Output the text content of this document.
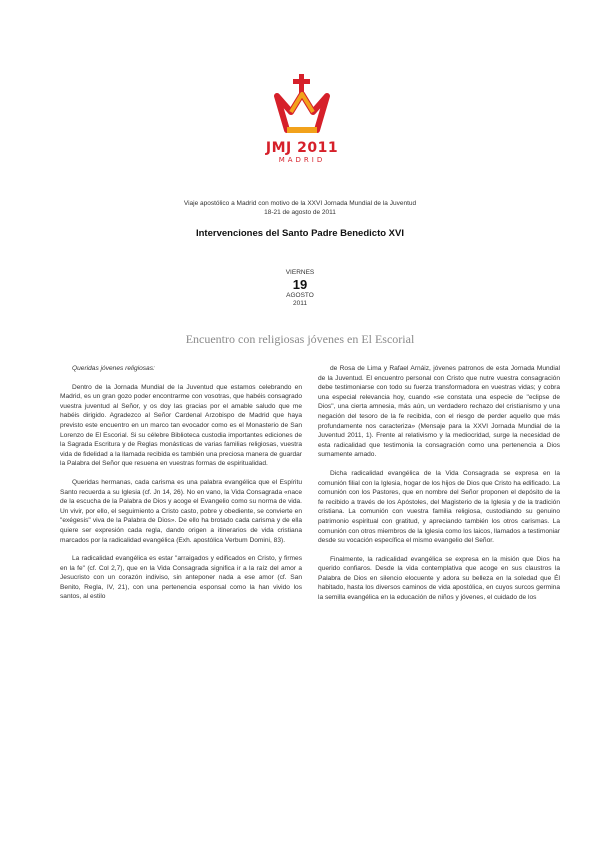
JMJ 2011
MADRID
Viaje apostólico a Madrid con motivo de la XXVI Jornada Mundial de la Juventud
18-21 de agosto de 2011
Intervenciones del Santo Padre Benedicto XVI
VIERNES
19
AGOSTO
2011
Encuentro con religiosas jóvenes en El Escorial

Queridas jóvenes religiosas:

Dentro de la Jornada Mundial de la Juventud que estamos celebrando en Madrid, es un gran gozo poder encontrarme con vosotras, que habéis consagrado vuestra juventud al Señor, y os doy las gracias por el amable saludo que me habéis dirigido. Agradezco al Señor Cardenal Arzobispo de Madrid que haya previsto este encuentro en un marco tan evocador como es el Monasterio de San Lorenzo de El Escorial. Si su célebre Biblioteca custodia importantes ediciones de la Sagrada Escritura y de Reglas monásticas de varias familias religiosas, vuestra vida de fidelidad a la llamada recibida es también una preciosa manera de guardar la Palabra del Señor que resuena en vuestras formas de espiritualidad.

Queridas hermanas, cada carisma es una palabra evangélica que el Espíritu Santo recuerda a su Iglesia (cf. Jn 14, 26). No en vano, la Vida Consagrada «nace de la escucha de la Palabra de Dios y acoge el Evangelio como su norma de vida. Un vivir, por ello, el seguimiento a Cristo casto, pobre y obediente, se convierte en "exégesis" viva de la Palabra de Dios». De ello ha brotado cada carisma y de ella quiere ser expresión cada regla, dando origen a itinerarios de vida cristiana marcados por la radicalidad evangélica (Exh. apostólica Verbum Domini, 83).

La radicalidad evangélica es estar "arraigados y edificados en Cristo, y firmes en la fe" (cf. Col 2,7), que en la Vida Consagrada significa ir a la raíz del amor a Jesucristo con un corazón indiviso, sin anteponer nada a ese amor (cf. San Benito, Regla, IV, 21), con una pertenencia esponsal como la han vivido los santos, al estilo

de Rosa de Lima y Rafael Arnáiz, jóvenes patronos de esta Jornada Mundial de la Juventud. El encuentro personal con Cristo que nutre vuestra consagración debe testimoniarse con todo su fuerza transformadora en vuestras vidas; y cobra una especial relevancia hoy, cuando «se constata una especie de "eclipse de Dios", una cierta amnesia, más aún, un verdadero rechazo del cristianismo y una negación del tesoro de la fe recibida, con el riesgo de perder aquello que más profundamente nos caracteriza» (Mensaje para la XXVI Jornada Mundial de la Juventud 2011, 1). Frente al relativismo y la mediocridad, surge la necesidad de esta radicalidad que testimonia la consagración como una pertenencia a Dios sumamente amado.

Dicha radicalidad evangélica de la Vida Consagrada se expresa en la comunión filial con la Iglesia, hogar de los hijos de Dios que Cristo ha edificado. La comunión con los Pastores, que en nombre del Señor proponen el depósito de la fe recibido a través de los Apóstoles, del Magisterio de la Iglesia y de la tradición cristiana. La comunión con vuestra familia religiosa, custodiando su genuino patrimonio espiritual con gratitud, y apreciando también los otros carismas. La comunión con otros miembros de la Iglesia como los laicos, llamados a testimoniar desde su vocación específica el mismo evangelio del Señor.

Finalmente, la radicalidad evangélica se expresa en la misión que Dios ha querido confiaros. Desde la vida contemplativa que acoge en sus claustros la Palabra de Dios en silencio elocuente y adora su belleza en la soledad que Él habitado, hasta los diversos caminos de vida apostólica, en cuyos surcos germina la semilla evangélica en la educación de niños y jóvenes, el cuidado de los
